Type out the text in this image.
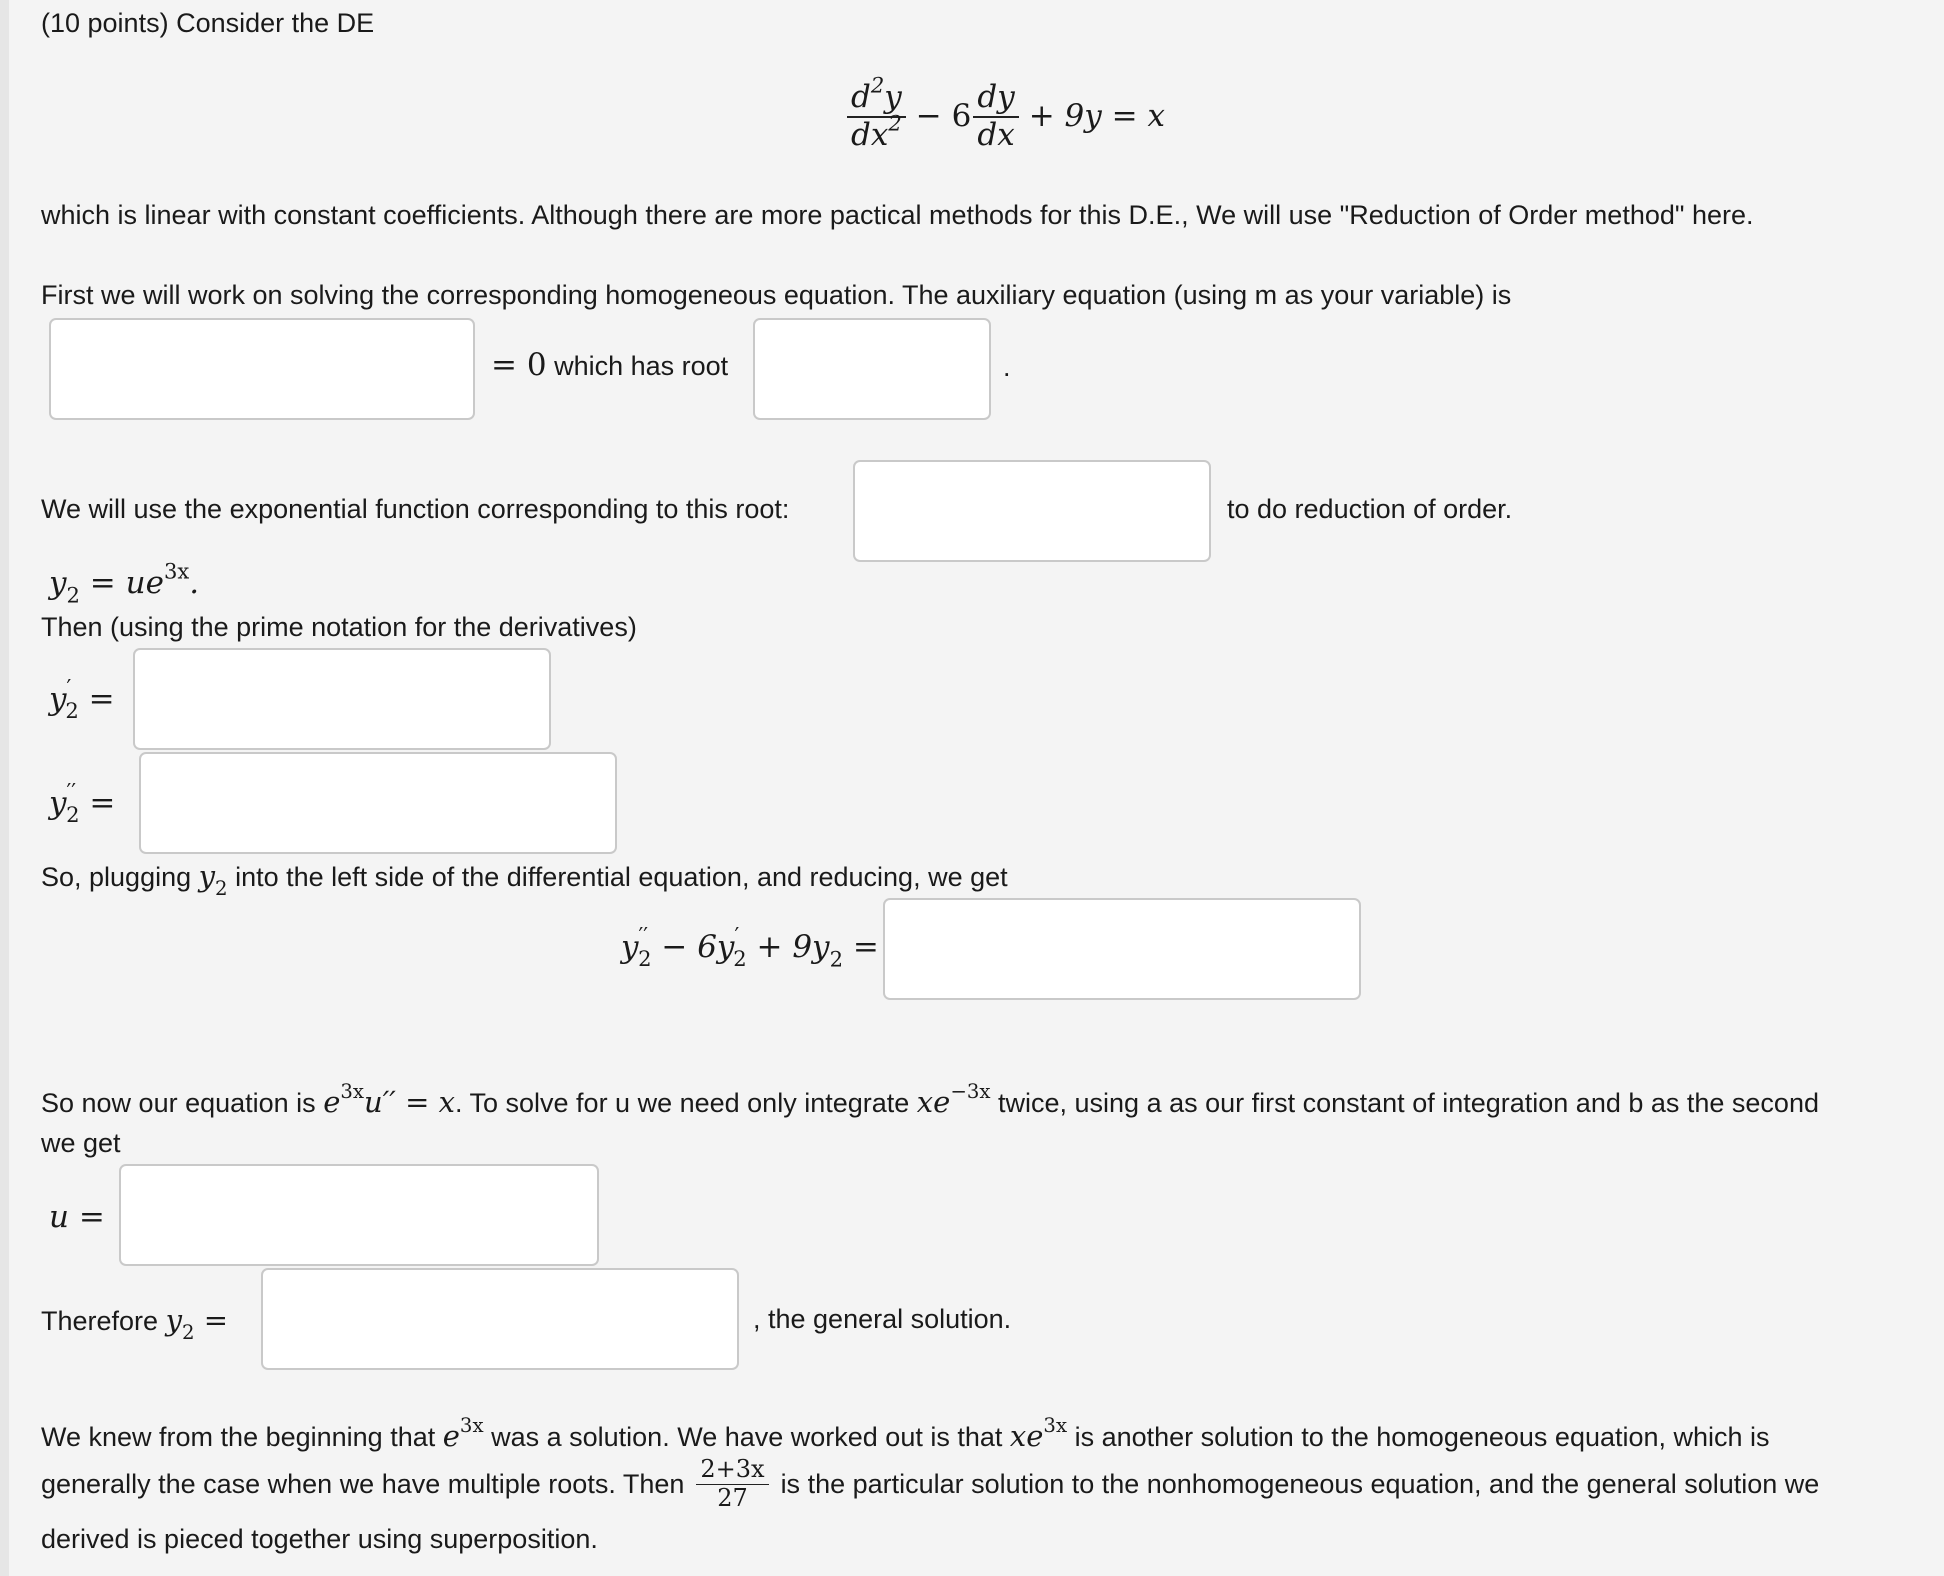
(10 points) Consider the DE
$\frac{d^2y}{dx^2} - 6 \frac{dy}{dx} + 9y = x$
which is linear with constant coefficients. Although there are more pactical methods for this D.E., We will use "Reduction of Order method" here.
First we will work on solving the corresponding homogeneous equation. The auxiliary equation (using m as your variable) is
= 0 which has root	.
We will use the exponential function corresponding to this root:	to do reduction of order.
$y_2 = ue^{3x}$.
Then (using the prime notation for the derivatives)
$y'_2$ =
$y''_2$ =
So, plugging $y_2$ into the left side of the differential equation, and reducing, we get
$y''_2 - 6y'_2 + 9y_2$ =
So now our equation is $e^{3x}u'' = x$. To solve for u we need only integrate $xe^{-3x}$ twice, using a as our first constant of integration and b as the second
we get
u =
Therefore $y_2$ =	, the general solution.
We knew from the beginning that $e^{3x}$ was a solution. We have worked out is that $xe^{3x}$ is another solution to the homogeneous equation, which is
generally the case when we have multiple roots. Then $\frac{2+3x}{27}$ is the particular solution to the nonhomogeneous equation, and the general solution we
derived is pieced together using superposition.
